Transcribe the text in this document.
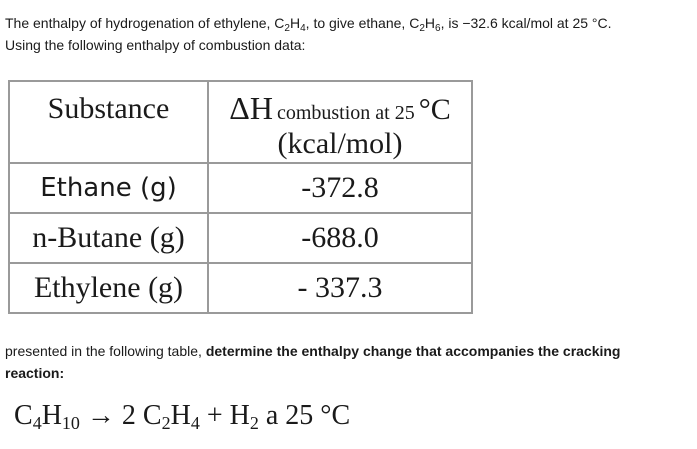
The enthalpy of hydrogenation of ethylene, $C_2H_4$, to give ethane, $C_2H_6$, is −32.6 kcal/mol at 25 °C.

Using the following enthalpy of combustion data:

Substance	ΔH combustion at 25 °C
(kcal/mol)

Ethane (g)	-372.8
n-Butane (g)	-688.0
Ethylene (g)	- 337.3
presented in the following table, determine the enthalpy change that accompanies the cracking
reaction:
$C_4H_{10} \to 2$ $C_2H_4 + H_2$ a 25 °C
